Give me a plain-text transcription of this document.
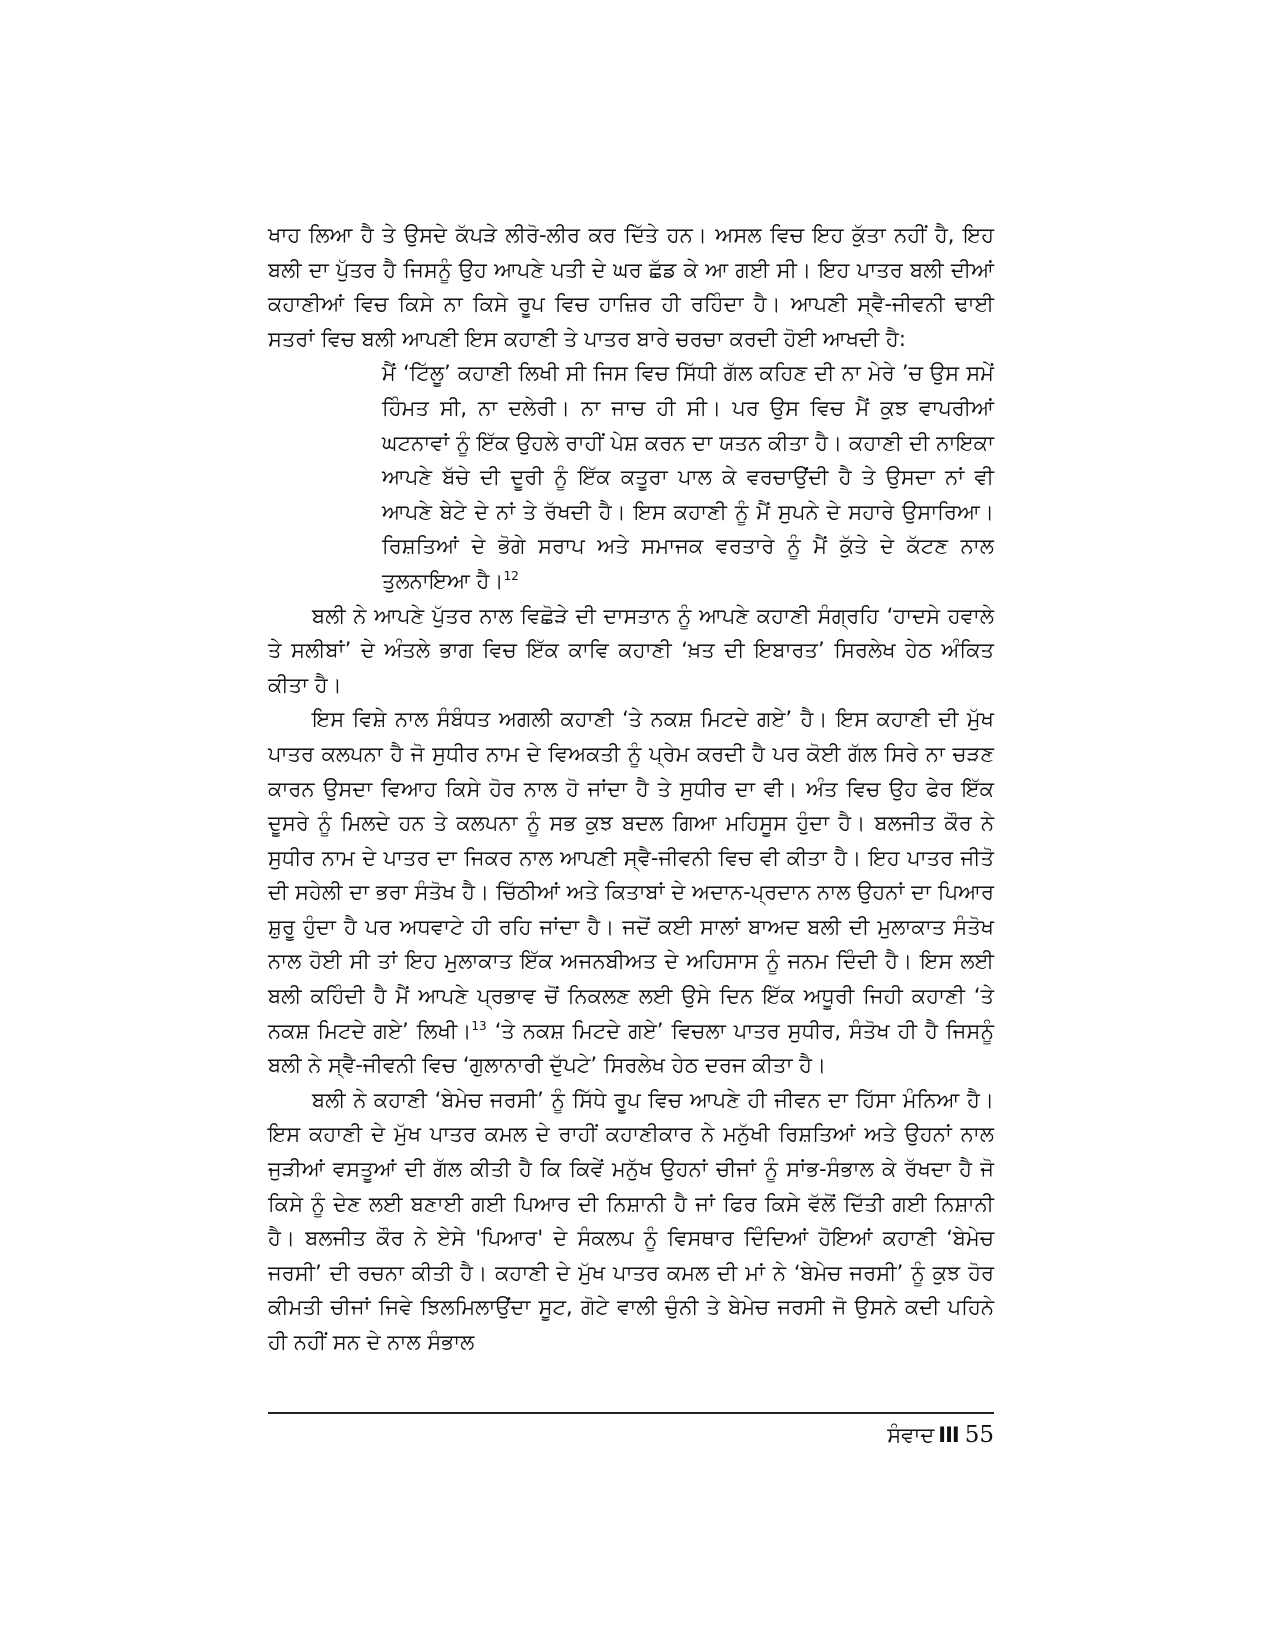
ਖਾਹ ਲਿਆ ਹੈ ਤੇ ਉਸਦੇ ਕੱਪੜੇ ਲੀਰੋ-ਲੀਰ ਕਰ ਦਿੱਤੇ ਹਨ। ਅਸਲ ਵਿਚ ਇਹ ਕੁੱਤਾ ਨਹੀਂ ਹੈ, ਇਹ ਬਲੀ ਦਾ ਪੁੱਤਰ ਹੈ ਜਿਸਨੂੰ ਉਹ ਆਪਣੇ ਪਤੀ ਦੇ ਘਰ ਛੱਡ ਕੇ ਆ ਗਈ ਸੀ। ਇਹ ਪਾਤਰ ਬਲੀ ਦੀਆਂ ਕਹਾਣੀਆਂ ਵਿਚ ਕਿਸੇ ਨਾ ਕਿਸੇ ਰੂਪ ਵਿਚ ਹਾਜ਼ਿਰ ਹੀ ਰਹਿੰਦਾ ਹੈ। ਆਪਣੀ ਸ੍ਵੈ-ਜੀਵਨੀ ਢਾਈ ਸਤਰਾਂ ਵਿਚ ਬਲੀ ਆਪਣੀ ਇਸ ਕਹਾਣੀ ਤੇ ਪਾਤਰ ਬਾਰੇ ਚਰਚਾ ਕਰਦੀ ਹੋਈ ਆਖਦੀ ਹੈ:

ਮੈਂ ‘ਟਿੱਲੂ’ ਕਹਾਣੀ ਲਿਖੀ ਸੀ ਜਿਸ ਵਿਚ ਸਿੱਧੀ ਗੱਲ ਕਹਿਣ ਦੀ ਨਾ ਮੇਰੇ ’ਚ ਉਸ ਸਮੇਂ ਹਿੰਮਤ ਸੀ, ਨਾ ਦਲੇਰੀ। ਨਾ ਜਾਚ ਹੀ ਸੀ। ਪਰ ਉਸ ਵਿਚ ਮੈਂ ਕੁਝ ਵਾਪਰੀਆਂ ਘਟਨਾਵਾਂ ਨੂੰ ਇੱਕ ਉਹਲੇ ਰਾਹੀਂ ਪੇਸ਼ ਕਰਨ ਦਾ ਯਤਨ ਕੀਤਾ ਹੈ। ਕਹਾਣੀ ਦੀ ਨਾਇਕਾ ਆਪਣੇ ਬੱਚੇ ਦੀ ਦੂਰੀ ਨੂੰ ਇੱਕ ਕਤੂਰਾ ਪਾਲ ਕੇ ਵਰਚਾਉਂਦੀ ਹੈ ਤੇ ਉਸਦਾ ਨਾਂ ਵੀ ਆਪਣੇ ਬੇਟੇ ਦੇ ਨਾਂ ਤੇ ਰੱਖਦੀ ਹੈ। ਇਸ ਕਹਾਣੀ ਨੂੰ ਮੈਂ ਸੁਪਨੇ ਦੇ ਸਹਾਰੇ ਉਸਾਰਿਆ। ਰਿਸ਼ਤਿਆਂ ਦੇ ਭੋਗੇ ਸਰਾਪ ਅਤੇ ਸਮਾਜਕ ਵਰਤਾਰੇ ਨੂੰ ਮੈਂ ਕੁੱਤੇ ਦੇ ਕੱਟਣ ਨਾਲ ਤੁਲਨਾਇਆ ਹੈ।$^{12}$

ਬਲੀ ਨੇ ਆਪਣੇ ਪੁੱਤਰ ਨਾਲ ਵਿਛੋੜੇ ਦੀ ਦਾਸਤਾਨ ਨੂੰ ਆਪਣੇ ਕਹਾਣੀ ਸੰਗ੍ਰਹਿ ‘ਹਾਦਸੇ ਹਵਾਲੇ ਤੇ ਸਲੀਬਾਂ’ ਦੇ ਅੰਤਲੇ ਭਾਗ ਵਿਚ ਇੱਕ ਕਾਵਿ ਕਹਾਣੀ ‘ਖ਼ਤ ਦੀ ਇਬਾਰਤ’ ਸਿਰਲੇਖ ਹੇਠ ਅੰਕਿਤ ਕੀਤਾ ਹੈ।

ਇਸ ਵਿਸ਼ੇ ਨਾਲ ਸੰਬੰਧਤ ਅਗਲੀ ਕਹਾਣੀ ‘ਤੇ ਨਕਸ਼ ਮਿਟਦੇ ਗਏ’ ਹੈ। ਇਸ ਕਹਾਣੀ ਦੀ ਮੁੱਖ ਪਾਤਰ ਕਲਪਨਾ ਹੈ ਜੋ ਸੁਧੀਰ ਨਾਮ ਦੇ ਵਿਅਕਤੀ ਨੂੰ ਪ੍ਰੇਮ ਕਰਦੀ ਹੈ ਪਰ ਕੋਈ ਗੱਲ ਸਿਰੇ ਨਾ ਚੜਣ ਕਾਰਨ ਉਸਦਾ ਵਿਆਹ ਕਿਸੇ ਹੋਰ ਨਾਲ ਹੋ ਜਾਂਦਾ ਹੈ ਤੇ ਸੁਧੀਰ ਦਾ ਵੀ। ਅੰਤ ਵਿਚ ਉਹ ਫੇਰ ਇੱਕ ਦੂਸਰੇ ਨੂੰ ਮਿਲਦੇ ਹਨ ਤੇ ਕਲਪਨਾ ਨੂੰ ਸਭ ਕੁਝ ਬਦਲ ਗਿਆ ਮਹਿਸੂਸ ਹੁੰਦਾ ਹੈ। ਬਲਜੀਤ ਕੌਰ ਨੇ ਸੁਧੀਰ ਨਾਮ ਦੇ ਪਾਤਰ ਦਾ ਜਿਕਰ ਨਾਲ ਆਪਣੀ ਸ੍ਵੈ-ਜੀਵਨੀ ਵਿਚ ਵੀ ਕੀਤਾ ਹੈ। ਇਹ ਪਾਤਰ ਜੀਤੋ ਦੀ ਸਹੇਲੀ ਦਾ ਭਰਾ ਸੰਤੋਖ ਹੈ। ਚਿੱਠੀਆਂ ਅਤੇ ਕਿਤਾਬਾਂ ਦੇ ਅਦਾਨ-ਪ੍ਰਦਾਨ ਨਾਲ ਉਹਨਾਂ ਦਾ ਪਿਆਰ ਸ਼ੁਰੂ ਹੁੰਦਾ ਹੈ ਪਰ ਅਧਵਾਟੇ ਹੀ ਰਹਿ ਜਾਂਦਾ ਹੈ। ਜਦੋਂ ਕਈ ਸਾਲਾਂ ਬਾਅਦ ਬਲੀ ਦੀ ਮੁਲਾਕਾਤ ਸੰਤੋਖ ਨਾਲ ਹੋਈ ਸੀ ਤਾਂ ਇਹ ਮੁਲਾਕਾਤ ਇੱਕ ਅਜਨਬੀਅਤ ਦੇ ਅਹਿਸਾਸ ਨੂੰ ਜਨਮ ਦਿੰਦੀ ਹੈ। ਇਸ ਲਈ ਬਲੀ ਕਹਿੰਦੀ ਹੈ ਮੈਂ ਆਪਣੇ ਪ੍ਰਭਾਵ ਚੋਂ ਨਿਕਲਣ ਲਈ ਉਸੇ ਦਿਨ ਇੱਕ ਅਧੂਰੀ ਜਿਹੀ ਕਹਾਣੀ ‘ਤੇ ਨਕਸ਼ ਮਿਟਦੇ ਗਏ’ ਲਿਖੀ।$^{13}$ ‘ਤੇ ਨਕਸ਼ ਮਿਟਦੇ ਗਏ’ ਵਿਚਲਾ ਪਾਤਰ ਸੁਧੀਰ, ਸੰਤੋਖ ਹੀ ਹੈ ਜਿਸਨੂੰ ਬਲੀ ਨੇ ਸ੍ਵੈ-ਜੀਵਨੀ ਵਿਚ ‘ਗੁਲਾਨਾਰੀ ਦੁੱਪਟੇ’ ਸਿਰਲੇਖ ਹੇਠ ਦਰਜ ਕੀਤਾ ਹੈ।

ਬਲੀ ਨੇ ਕਹਾਣੀ ‘ਬੇਮੇਚ ਜਰਸੀ’ ਨੂੰ ਸਿੱਧੇ ਰੂਪ ਵਿਚ ਆਪਣੇ ਹੀ ਜੀਵਨ ਦਾ ਹਿੱਸਾ ਮੰਨਿਆ ਹੈ। ਇਸ ਕਹਾਣੀ ਦੇ ਮੁੱਖ ਪਾਤਰ ਕਮਲ ਦੇ ਰਾਹੀਂ ਕਹਾਣੀਕਾਰ ਨੇ ਮਨੁੱਖੀ ਰਿਸ਼ਤਿਆਂ ਅਤੇ ਉਹਨਾਂ ਨਾਲ ਜੁੜੀਆਂ ਵਸਤੂਆਂ ਦੀ ਗੱਲ ਕੀਤੀ ਹੈ ਕਿ ਕਿਵੇਂ ਮਨੁੱਖ ਉਹਨਾਂ ਚੀਜਾਂ ਨੂੰ ਸਾਂਭ-ਸੰਭਾਲ ਕੇ ਰੱਖਦਾ ਹੈ ਜੋ ਕਿਸੇ ਨੂੰ ਦੇਣ ਲਈ ਬਣਾਈ ਗਈ ਪਿਆਰ ਦੀ ਨਿਸ਼ਾਨੀ ਹੈ ਜਾਂ ਫਿਰ ਕਿਸੇ ਵੱਲੋਂ ਦਿੱਤੀ ਗਈ ਨਿਸ਼ਾਨੀ ਹੈ। ਬਲਜੀਤ ਕੌਰ ਨੇ ਏਸੇ 'ਪਿਆਰ' ਦੇ ਸੰਕਲਪ ਨੂੰ ਵਿਸਥਾਰ ਦਿੰਦਿਆਂ ਹੋਇਆਂ ਕਹਾਣੀ ‘ਬੇਮੇਚ ਜਰਸੀ’ ਦੀ ਰਚਨਾ ਕੀਤੀ ਹੈ। ਕਹਾਣੀ ਦੇ ਮੁੱਖ ਪਾਤਰ ਕਮਲ ਦੀ ਮਾਂ ਨੇ ‘ਬੇਮੇਚ ਜਰਸੀ’ ਨੂੰ ਕੁਝ ਹੋਰ ਕੀਮਤੀ ਚੀਜਾਂ ਜਿਵੇ ਝਿਲਮਿਲਾਉਂਦਾ ਸੂਟ, ਗੋਟੇ ਵਾਲੀ ਚੁੰਨੀ ਤੇ ਬੇਮੇਚ ਜਰਸੀ ਜੋ ਉਸਨੇ ਕਦੀ ਪਹਿਨੇ ਹੀ ਨਹੀਂ ਸਨ ਦੇ ਨਾਲ ਸੰਭਾਲ

ਸੰਵਾਦ III 55
